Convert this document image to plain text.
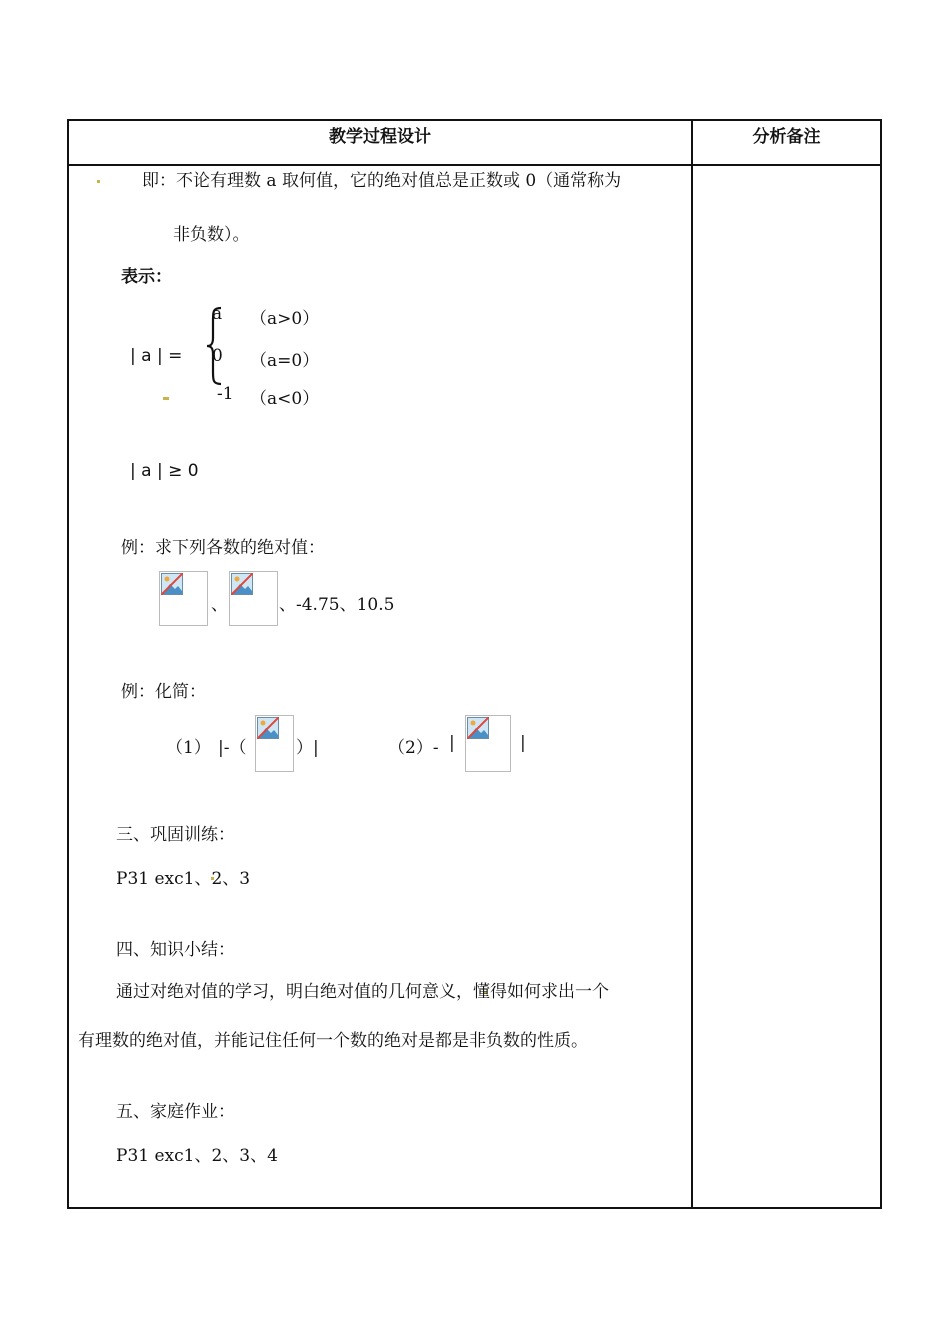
教学过程设计	分析备注
即：不论有理数 a 取何值，它的绝对值总是正数或 0（通常称为
非负数）。
表示：
| a | =
a （a>0）
0 （a=0）
-1 （a<0）
| a | ≥ 0
例：求下列各数的绝对值：
、	、-4.75、10.5
例：化简：
（1） |-（	）|	（2）- |	|
三、巩固训练：
P31 exc1、2、3
四、知识小结：
通过对绝对值的学习，明白绝对值的几何意义，懂得如何求出一个
有理数的绝对值，并能记住任何一个数的绝对是都是非负数的性质。
五、家庭作业：
P31 exc1、2、3、4
